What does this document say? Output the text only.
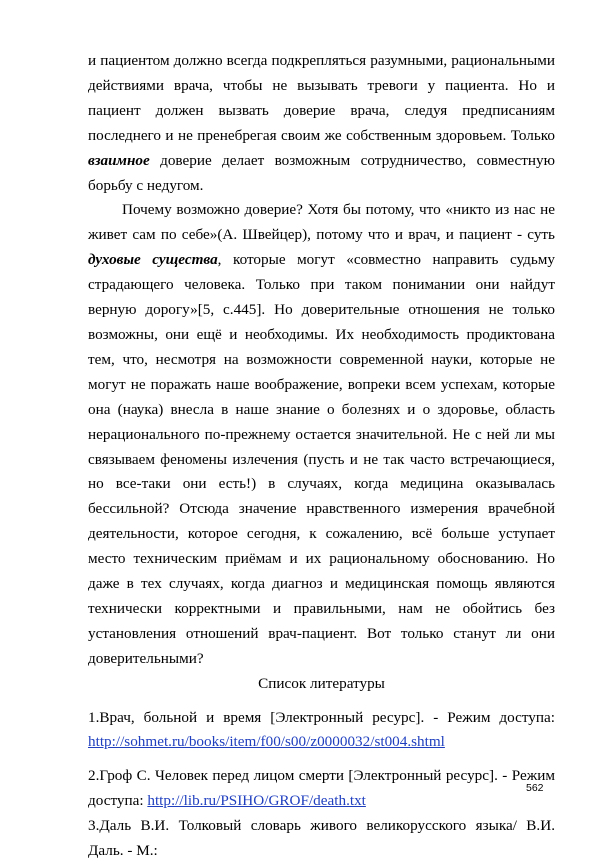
и пациентом должно всегда подкрепляться разумными, рациональными действиями врача, чтобы не вызывать тревоги у пациента. Но и пациент должен вызвать доверие врача, следуя предписаниям последнего и не пренебрегая своим же собственным здоровьем. Только взаимное доверие делает возможным сотрудничество, совместную борьбу с недугом.

Почему возможно доверие? Хотя бы потому, что «никто из нас не живет сам по себе»(А. Швейцер), потому что и врач, и пациент - суть духовые существа, которые могут «совместно направить судьму страдающего человека. Только при таком понимании они найдут верную дорогу»[5, с.445]. Но доверительные отношения не только возможны, они ещё и необходимы. Их необходимость продиктована тем, что, несмотря на возможности современной науки, которые не могут не поражать наше воображение, вопреки всем успехам, которые она (наука) внесла в наше знание о болезнях и о здоровье, область нерационального по-прежнему остается значительной. Не с ней ли мы связываем феномены излечения (пусть и не так часто встречающиеся, но все-таки они есть!) в случаях, когда медицина оказывалась бессильной? Отсюда значение нравственного измерения врачебной деятельности, которое сегодня, к сожалению, всё больше уступает место техническим приёмам и их рациональному обоснованию. Но даже в тех случаях, когда диагноз и медицинская помощь являются технически корректными и правильными, нам не обойтись без установления отношений врач-пациент. Вот только станут ли они доверительными?

Список литературы

1.Врач, больной и время [Электронный ресурс]. - Режим доступа: http://sohmet.ru/books/item/f00/s00/z0000032/st004.shtml
2.Гроф С. Человек перед лицом смерти [Электронный ресурс]. - Режим доступа: http://lib.ru/PSIHO/GROF/death.txt
3.Даль В.И. Толковый словарь живого великорусского языка/ В.И. Даль. - М.:
562
